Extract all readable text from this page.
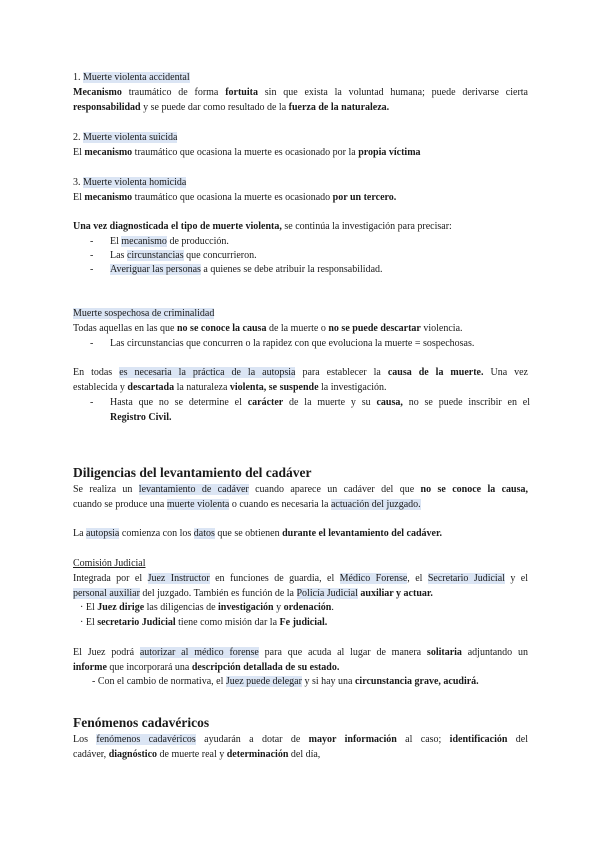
1. Muerte violenta accidental
Mecanismo traumático de forma fortuita sin que exista la voluntad humana; puede derivarse cierta
responsabilidad y se puede dar como resultado de la fuerza de la naturaleza.
2. Muerte violenta suicida
El mecanismo traumático que ocasiona la muerte es ocasionado por la propia víctima
3. Muerte violenta homicida
El mecanismo traumático que ocasiona la muerte es ocasionado por un tercero.
Una vez diagnosticada el tipo de muerte violenta, se continúa la investigación para precisar:
- El mecanismo de producción.
- Las circunstancias que concurrieron.
- Averiguar las personas a quienes se debe atribuir la responsabilidad.
Muerte sospechosa de criminalidad
Todas aquellas en las que no se conoce la causa de la muerte o no se puede descartar violencia.
- Las circunstancias que concurren o la rapidez con que evoluciona la muerte = sospechosas.
En todas es necesaria la práctica de la autopsia para establecer la causa de la muerte. Una vez
establecida y descartada la naturaleza violenta, se suspende la investigación.
- Hasta que no se determine el carácter de la muerte y su causa, no se puede inscribir en el
Registro Civil.
Diligencias del levantamiento del cadáver
Se realiza un levantamiento de cadáver cuando aparece un cadáver del que no se conoce la causa,
cuando se produce una muerte violenta o cuando es necesaria la actuación del juzgado.
La autopsia comienza con los datos que se obtienen durante el levantamiento del cadáver.
Comisión Judicial
Integrada por el Juez Instructor en funciones de guardia, el Médico Forense, el Secretario Judicial y el
personal auxiliar del juzgado. También es función de la Policía Judicial auxiliar y actuar.
· El Juez dirige las diligencias de investigación y ordenación.
· El secretario Judicial tiene como misión dar la Fe judicial.
El Juez podrá autorizar al médico forense para que acuda al lugar de manera solitaria adjuntando un
informe que incorporará una descripción detallada de su estado.
- Con el cambio de normativa, el Juez puede delegar y si hay una circunstancia grave, acudirá.
Fenómenos cadavéricos
Los fenómenos cadavéricos ayudarán a dotar de mayor información al caso; identificación del
cadáver, diagnóstico de muerte real y determinación del día,
